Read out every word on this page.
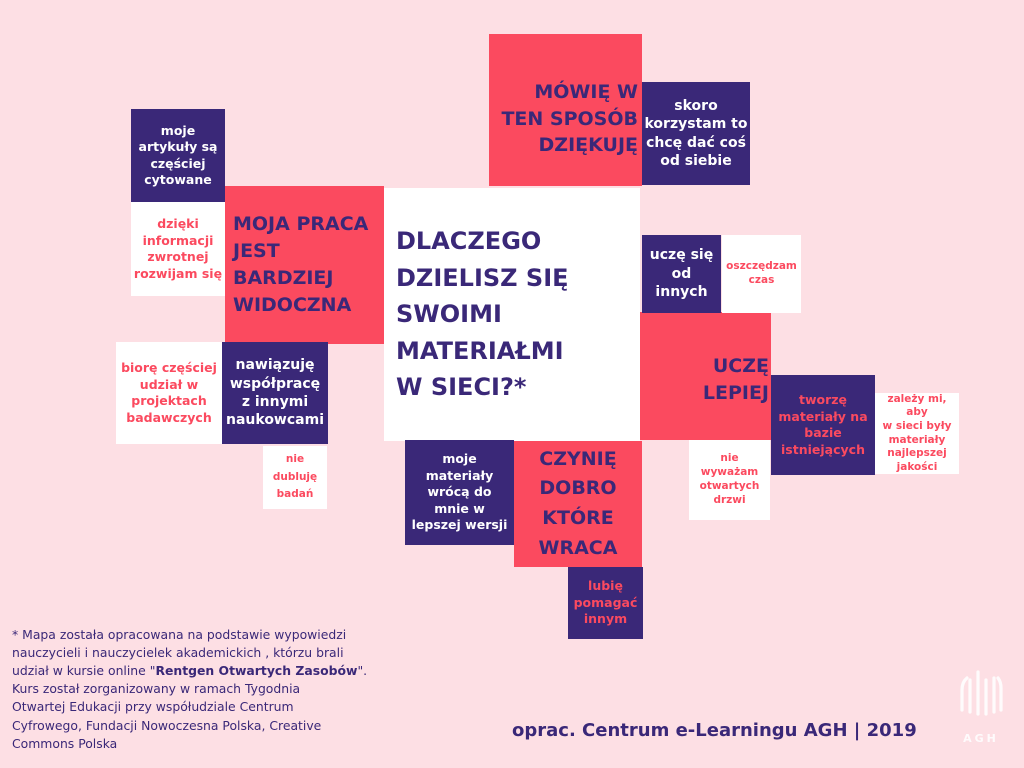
DLACZEGO
DZIELISZ SIĘ
SWOIMI
MATERIAŁMI
W SIECI?*
MOJA PRACA
JEST
BARDZIEJ
WIDOCZNA
MÓWIĘ W
TEN SPOSÓB
DZIĘKUJĘ
UCZĘ
LEPIEJ
CZYNIĘ
DOBRO
KTÓRE
WRACA
moje
artykuły są
częściej
cytowane
dzięki
informacji
zwrotnej
rozwijam się
skoro
korzystam to
chcę dać coś
od siebie
uczę się
od
innych
oszczędzam
czas
biorę częściej
udział w
projektach
badawczych
nawiązuję
współpracę
z innymi
naukowcami
nie
dubluję
badań
moje
materiały
wrócą do
mnie w
lepszej wersji
tworzę
materiały na
bazie
istniejących
zależy mi, aby
w sieci były
materiały
najlepszej
jakości
nie
wyważam
otwartych
drzwi
lubię
pomagać
innym
* Mapa została opracowana na podstawie wypowiedzi
nauczycieli i nauczycielek akademickich , którzu brali
udział w kursie online "Rentgen Otwartych Zasobów".
Kurs został zorganizowany w ramach Tygodnia
Otwartej Edukacji przy współudziale Centrum
Cyfrowego, Fundacji Nowoczesna Polska, Creative
Commons Polska
oprac. Centrum e-Learningu AGH | 2019	AGH
